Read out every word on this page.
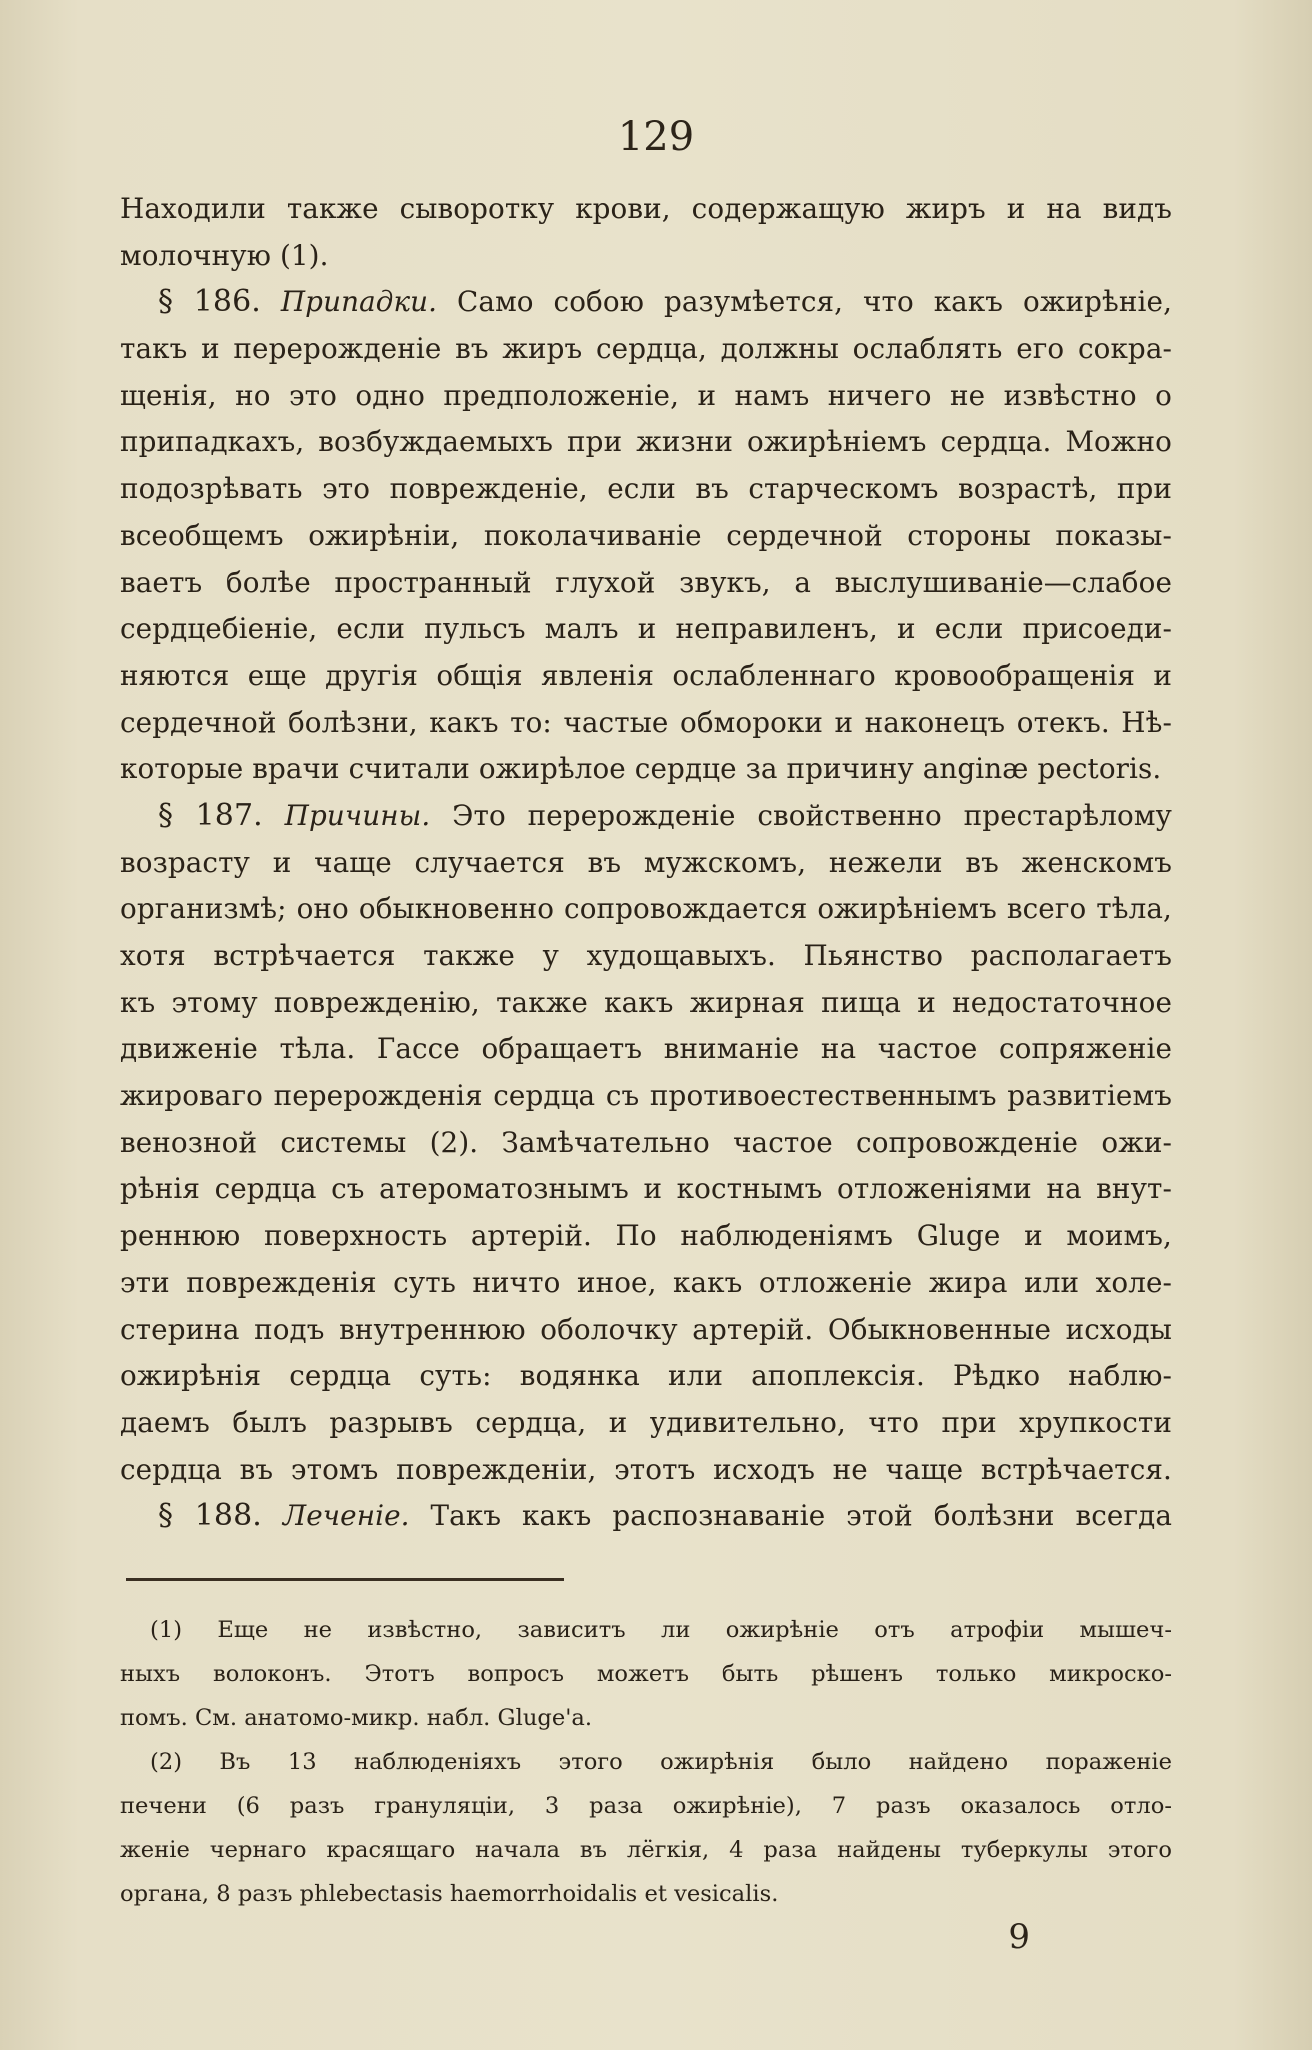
129
Находили также сыворотку крови, содержащую жиръ и на видъ
молочную (1).
§ 186. Припадки. Само собою разумѣется, что какъ ожирѣніе,
такъ и перерожденіе въ жиръ сердца, должны ослаблять его сокра-
щенія, но это одно предположеніе, и намъ ничего не извѣстно о
припадкахъ, возбуждаемыхъ при жизни ожирѣніемъ сердца. Можно
подозрѣвать это поврежденіе, если въ старческомъ возрастѣ, при
всеобщемъ ожирѣніи, поколачиваніе сердечной стороны показы-
ваетъ болѣе пространный глухой звукъ, а выслушиваніе—слабое
сердцебіеніе, если пульсъ малъ и неправиленъ, и если присоеди-
няются еще другія общія явленія ослабленнаго кровообращенія и
сердечной болѣзни, какъ то: частые обмороки и наконецъ отекъ. Нѣ-
которые врачи считали ожирѣлое сердце за причину anginæ pectoris.
§ 187. Причины. Это перерожденіе свойственно престарѣлому
возрасту и чаще случается въ мужскомъ, нежели въ женскомъ
организмѣ; оно обыкновенно сопровождается ожирѣніемъ всего тѣла,
хотя встрѣчается также у худощавыхъ. Пьянство располагаетъ
къ этому поврежденію, также какъ жирная пища и недостаточное
движеніе тѣла. Гассе обращаетъ вниманіе на частое сопряженіе
жироваго перерожденія сердца съ противоестественнымъ развитіемъ
венозной системы (2). Замѣчательно частое сопровожденіе ожи-
рѣнія сердца съ атероматознымъ и костнымъ отложеніями на внут-
реннюю поверхность артерій. По наблюденіямъ Gluge и моимъ,
эти поврежденія суть ничто иное, какъ отложеніе жира или холе-
стерина подъ внутреннюю оболочку артерій. Обыкновенные исходы
ожирѣнія сердца суть: водянка или апоплексія. Рѣдко наблю-
даемъ былъ разрывъ сердца, и удивительно, что при хрупкости
сердца въ этомъ поврежденіи, этотъ исходъ не чаще встрѣчается.
§ 188. Леченіе. Такъ какъ распознаваніе этой болѣзни всегда
(1) Еще не извѣстно, зависитъ ли ожирѣніе отъ атрофіи мышеч-
ныхъ волоконъ. Этотъ вопросъ можетъ быть рѣшенъ только микроско-
помъ. См. анатомо-микр. набл. Gluge'а.
(2) Въ 13 наблюденіяхъ этого ожирѣнія было найдено пораженіе
печени (6 разъ грануляціи, 3 раза ожирѣніе), 7 разъ оказалось отло-
женіе чернаго красящаго начала въ лёгкія, 4 раза найдены туберкулы этого
органа, 8 разъ phlebectasis haemorrhoidalis et vesicalis.
9
